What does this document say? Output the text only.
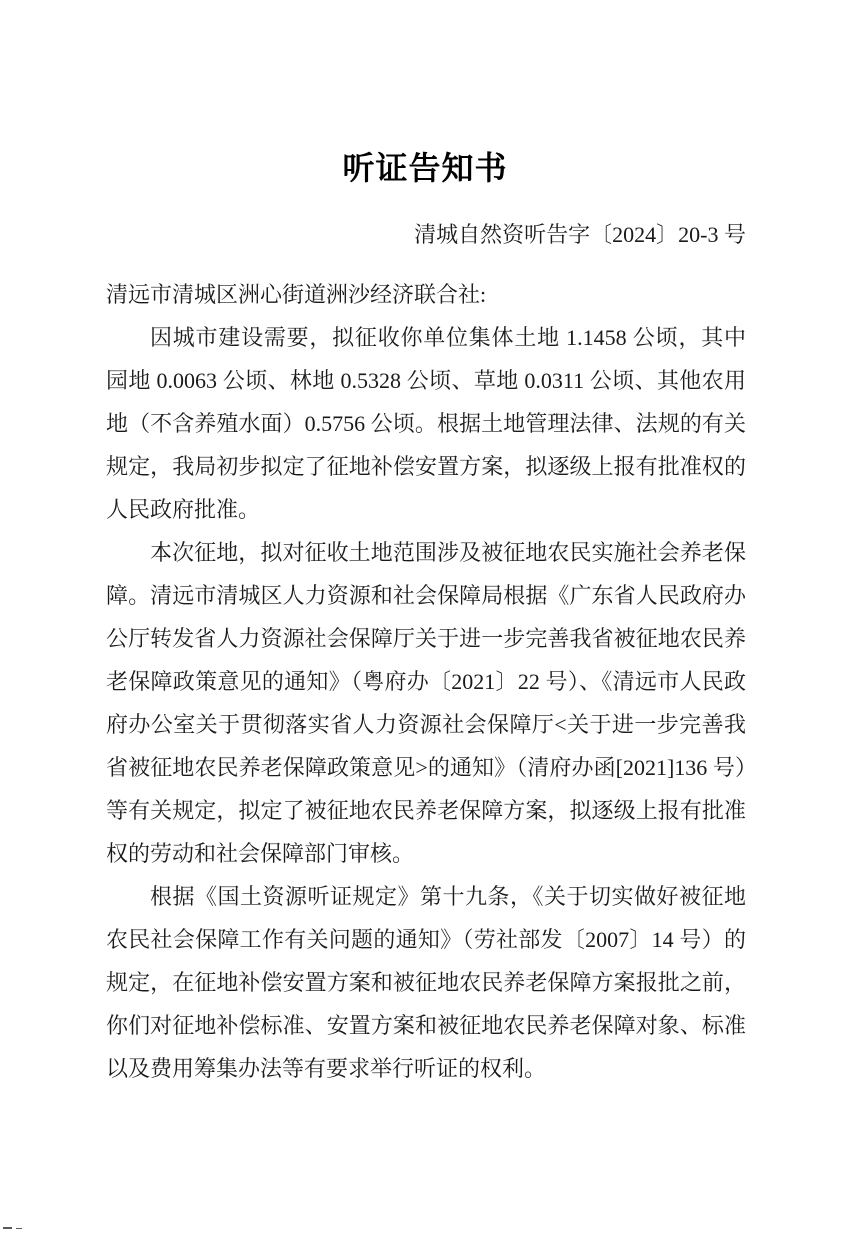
听证告知书
清城自然资听告字〔2024〕20-3 号

清远市清城区洲心街道洲沙经济联合社:

因城市建设需要，拟征收你单位集体土地 1.1458 公顷，其中园地 0.0063 公顷、林地 0.5328 公顷、草地 0.0311 公顷、其他农用地（不含养殖水面）0.5756 公顷。根据土地管理法律、法规的有关规定，我局初步拟定了征地补偿安置方案，拟逐级上报有批准权的人民政府批准。

本次征地，拟对征收土地范围涉及被征地农民实施社会养老保障。清远市清城区人力资源和社会保障局根据《广东省人民政府办公厅转发省人力资源社会保障厅关于进一步完善我省被征地农民养老保障政策意见的通知》（粤府办〔2021〕22 号）、《清远市人民政府办公室关于贯彻落实省人力资源社会保障厅<关于进一步完善我省被征地农民养老保障政策意见>的通知》（清府办函[2021]136 号）等有关规定，拟定了被征地农民养老保障方案，拟逐级上报有批准权的劳动和社会保障部门审核。

根据《国土资源听证规定》第十九条，《关于切实做好被征地农民社会保障工作有关问题的通知》（劳社部发〔2007〕14 号）的规定，在征地补偿安置方案和被征地农民养老保障方案报批之前，你们对征地补偿标准、安置方案和被征地农民养老保障对象、标准以及费用筹集办法等有要求举行听证的权利。
